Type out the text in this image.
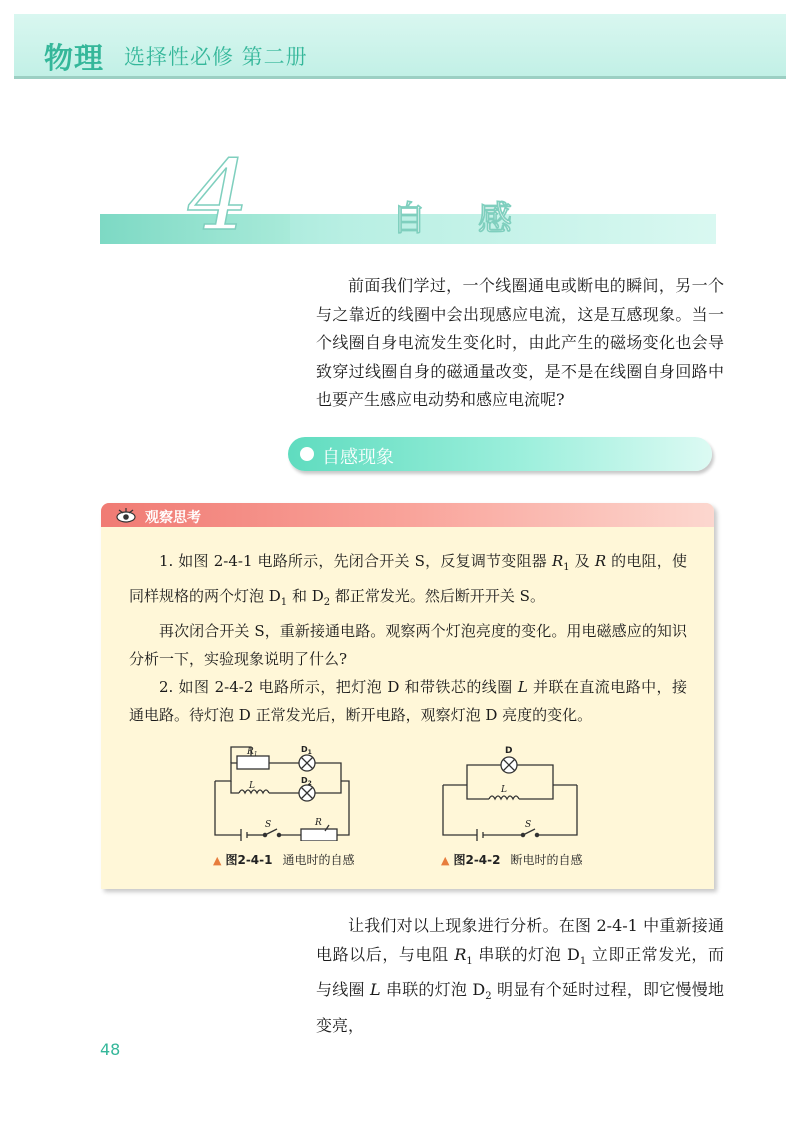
物理 选择性必修 第二册
4	自感
前面我们学过，一个线圈通电或断电的瞬间，另一个与之靠近的线圈中会出现感应电流，这是互感现象。当一个线圈自身电流发生变化时，由此产生的磁场变化也会导致穿过线圈自身的磁通量改变，是不是在线圈自身回路中也要产生感应电动势和感应电流呢?
自感现象
观察思考

1. 如图 2-4-1 电路所示，先闭合开关 S，反复调节变阻器 $R_1$ 及 R 的电阻，使同样规格的两个灯泡 $D_1$ 和 $D_2$ 都正常发光。然后断开开关 S。

再次闭合开关 S，重新接通电路。观察两个灯泡亮度的变化。用电磁感应的知识分析一下，实验现象说明了什么?

2. 如图 2-4-2 电路所示，把灯泡 D 和带铁芯的线圈 L 并联在直流电路中，接通电路。待灯泡 D 正常发光后，断开电路，观察灯泡 D 亮度的变化。

$R_1$
L
S	R
$D_1$
$D_2$
▲ 图2-4-1 通电时的自感
D
L
S
▲ 图2-4-2 断电时的自感

让我们对以上现象进行分析。在图 2-4-1 中重新接通电路以后，与电阻 $R_1$ 串联的灯泡 $D_1$ 立即正常发光，而与线圈 L 串联的灯泡 $D_2$ 明显有个延时过程，即它慢慢地变亮，

48
